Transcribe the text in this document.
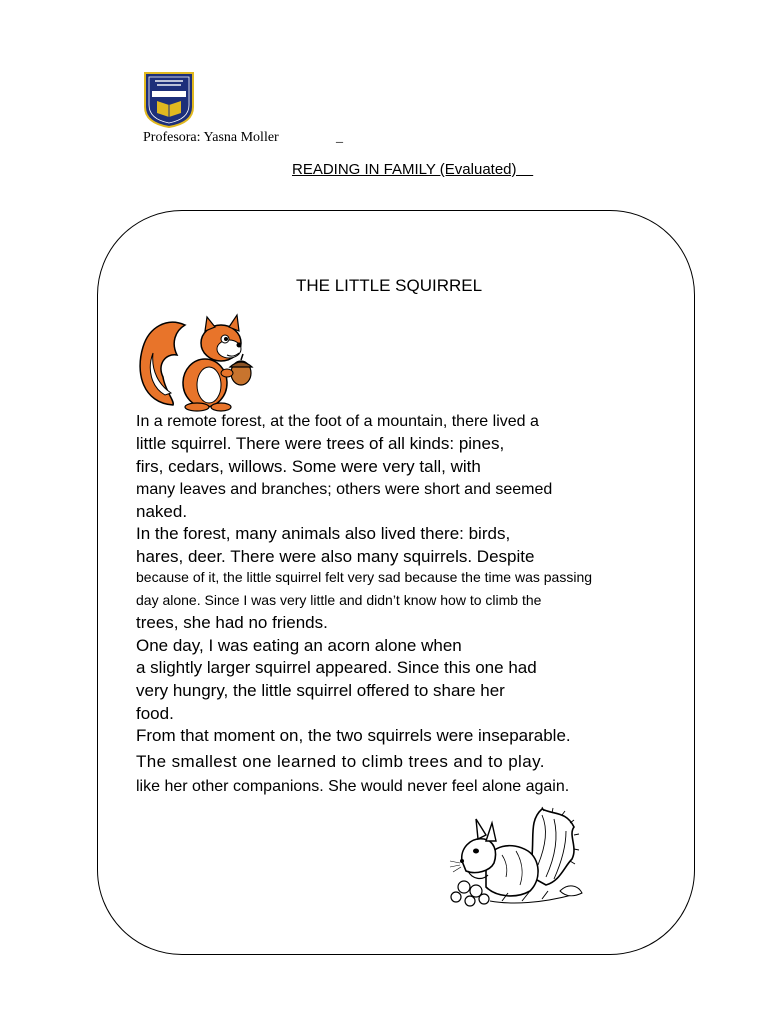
Profesora: Yasna Moller	_
READING IN FAMILY (Evaluated)
THE LITTLE SQUIRREL
In a remote forest, at the foot of a mountain, there lived a
little squirrel. There were trees of all kinds: pines,
firs, cedars, willows. Some were very tall, with
many leaves and branches; others were short and seemed
naked.
In the forest, many animals also lived there: birds,
hares, deer. There were also many squirrels. Despite
because of it, the little squirrel felt very sad because the time was passing
day alone. Since I was very little and didn’t know how to climb the
trees, she had no friends.
One day, I was eating an acorn alone when
a slightly larger squirrel appeared. Since this one had
very hungry, the little squirrel offered to share her
food.
From that moment on, the two squirrels were inseparable.
The smallest one learned to climb trees and to play.
like her other companions. She would never feel alone again.
